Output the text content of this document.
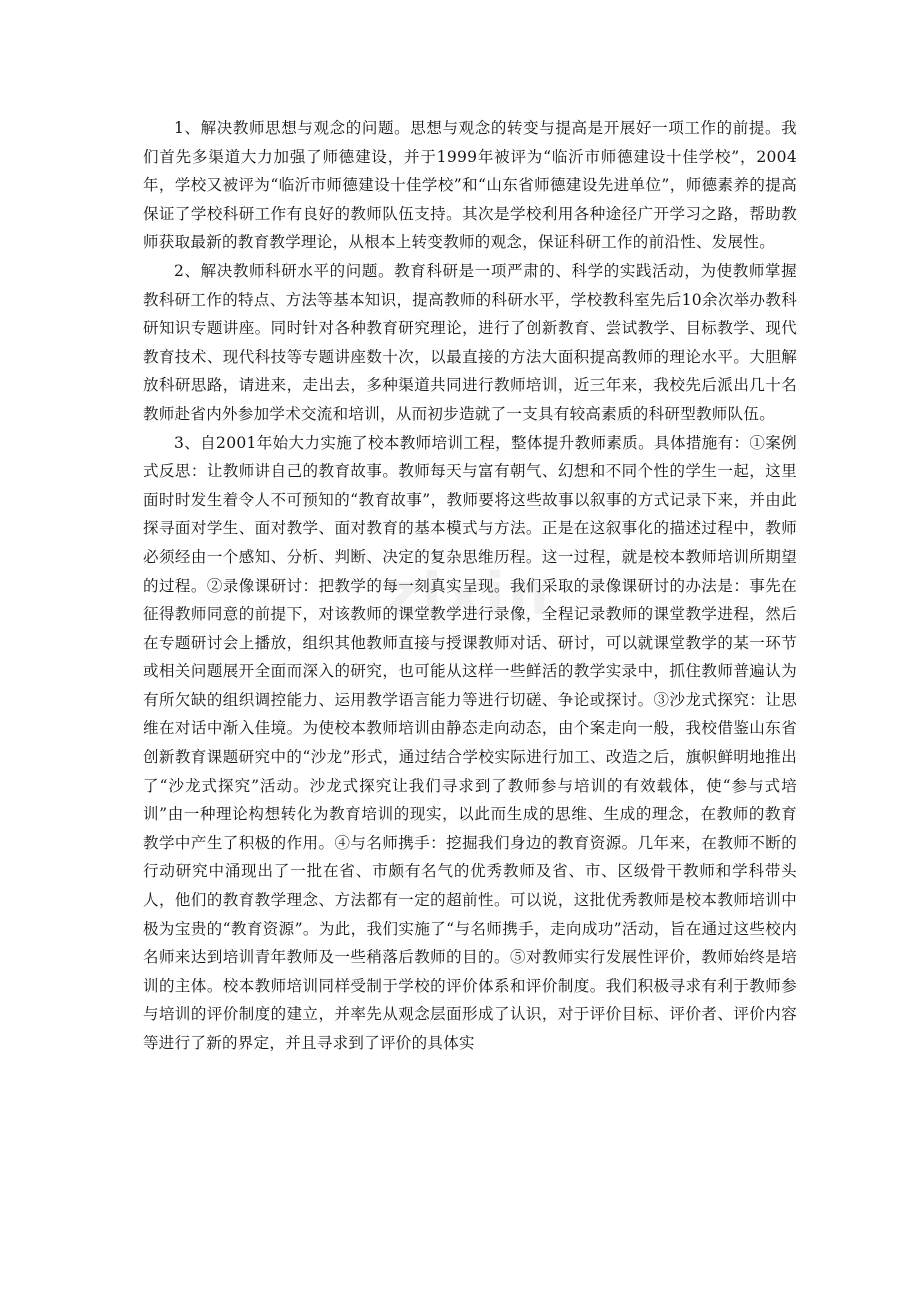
zixin

1、解决教师思想与观念的问题。思想与观念的转变与提高是开展好一项工作的前提。我们首先多渠道大力加强了师德建设，并于1999年被评为“临沂市师德建设十佳学校”，2004年，学校又被评为“临沂市师德建设十佳学校”和“山东省师德建设先进单位”，师德素养的提高保证了学校科研工作有良好的教师队伍支持。其次是学校利用各种途径广开学习之路，帮助教师获取最新的教育教学理论，从根本上转变教师的观念，保证科研工作的前沿性、发展性。

2、解决教师科研水平的问题。教育科研是一项严肃的、科学的实践活动，为使教师掌握教科研工作的特点、方法等基本知识，提高教师的科研水平，学校教科室先后10余次举办教科研知识专题讲座。同时针对各种教育研究理论，进行了创新教育、尝试教学、目标教学、现代教育技术、现代科技等专题讲座数十次，以最直接的方法大面积提高教师的理论水平。大胆解放科研思路，请进来，走出去，多种渠道共同进行教师培训，近三年来，我校先后派出几十名教师赴省内外参加学术交流和培训，从而初步造就了一支具有较高素质的科研型教师队伍。

3、自2001年始大力实施了校本教师培训工程，整体提升教师素质。具体措施有：①案例式反思：让教师讲自己的教育故事。教师每天与富有朝气、幻想和不同个性的学生一起，这里面时时发生着令人不可预知的“教育故事”，教师要将这些故事以叙事的方式记录下来，并由此探寻面对学生、面对教学、面对教育的基本模式与方法。正是在这叙事化的描述过程中，教师必须经由一个感知、分析、判断、决定的复杂思维历程。这一过程，就是校本教师培训所期望的过程。②录像课研讨：把教学的每一刻真实呈现。我们采取的录像课研讨的办法是：事先在征得教师同意的前提下，对该教师的课堂教学进行录像，全程记录教师的课堂教学进程，然后在专题研讨会上播放，组织其他教师直接与授课教师对话、研讨，可以就课堂教学的某一环节或相关问题展开全面而深入的研究，也可能从这样一些鲜活的教学实录中，抓住教师普遍认为有所欠缺的组织调控能力、运用教学语言能力等进行切磋、争论或探讨。③沙龙式探究：让思维在对话中渐入佳境。为使校本教师培训由静态走向动态，由个案走向一般，我校借鉴山东省创新教育课题研究中的“沙龙”形式，通过结合学校实际进行加工、改造之后，旗帜鲜明地推出了“沙龙式探究”活动。沙龙式探究让我们寻求到了教师参与培训的有效载体，使“参与式培训”由一种理论构想转化为教育培训的现实，以此而生成的思维、生成的理念，在教师的教育教学中产生了积极的作用。④与名师携手：挖掘我们身边的教育资源。几年来，在教师不断的行动研究中涌现出了一批在省、市颇有名气的优秀教师及省、市、区级骨干教师和学科带头人，他们的教育教学理念、方法都有一定的超前性。可以说，这批优秀教师是校本教师培训中极为宝贵的“教育资源”。为此，我们实施了“与名师携手，走向成功”活动，旨在通过这些校内名师来达到培训青年教师及一些稍落后教师的目的。⑤对教师实行发展性评价，教师始终是培训的主体。校本教师培训同样受制于学校的评价体系和评价制度。我们积极寻求有利于教师参与培训的评价制度的建立，并率先从观念层面形成了认识，对于评价目标、评价者、评价内容等进行了新的界定，并且寻求到了评价的具体实
